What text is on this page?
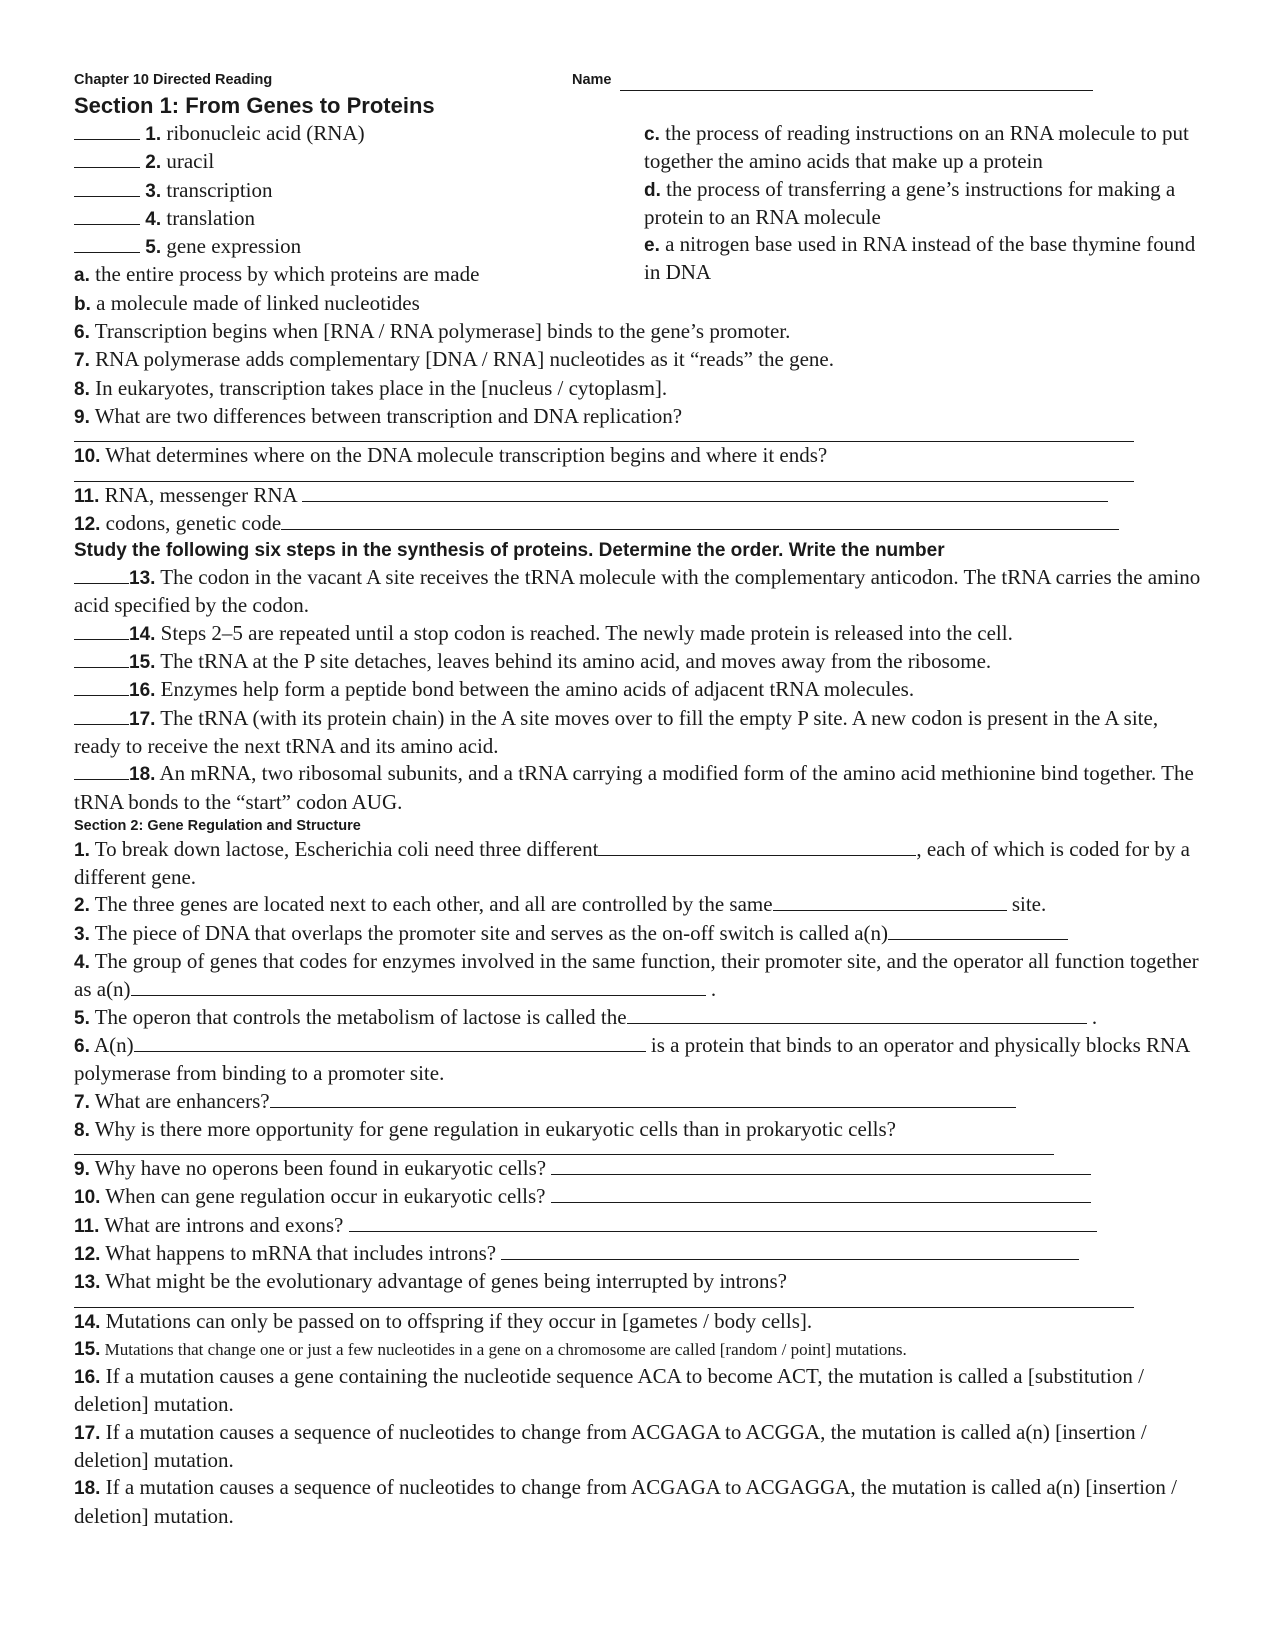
Chapter 10 Directed Reading	Name
Section 1: From Genes to Proteins
1. ribonucleic acid (RNA)
2. uracil
3. transcription
4. translation
5. gene expression
a. the entire process by which proteins are made
b. a molecule made of linked nucleotides
c. the process of reading instructions on an RNA molecule to put together the amino acids that make up a protein
d. the process of transferring a gene’s instructions for making a protein to an RNA molecule
e. a nitrogen base used in RNA instead of the base thymine found in DNA
6. Transcription begins when [RNA / RNA polymerase] binds to the gene’s promoter.
7. RNA polymerase adds complementary [DNA / RNA] nucleotides as it “reads” the gene.
8. In eukaryotes, transcription takes place in the [nucleus / cytoplasm].
9. What are two differences between transcription and DNA replication?
10. What determines where on the DNA molecule transcription begins and where it ends?
11. RNA, messenger RNA
12. codons, genetic code
Study the following six steps in the synthesis of proteins. Determine the order. Write the number
13. The codon in the vacant A site receives the tRNA molecule with the complementary anticodon. The tRNA carries the amino acid specified by the codon.
14. Steps 2–5 are repeated until a stop codon is reached. The newly made protein is released into the cell.
15. The tRNA at the P site detaches, leaves behind its amino acid, and moves away from the ribosome.
16. Enzymes help form a peptide bond between the amino acids of adjacent tRNA molecules.
17. The tRNA (with its protein chain) in the A site moves over to fill the empty P site. A new codon is present in the A site, ready to receive the next tRNA and its amino acid.
18. An mRNA, two ribosomal subunits, and a tRNA carrying a modified form of the amino acid methionine bind together. The tRNA bonds to the “start” codon AUG.
Section 2: Gene Regulation and Structure
1. To break down lactose, Escherichia coli need three different	, each of which is coded for by a different gene.
2. The three genes are located next to each other, and all are controlled by the same	site.
3. The piece of DNA that overlaps the promoter site and serves as the on-off switch is called a(n)
4. The group of genes that codes for enzymes involved in the same function, their promoter site, and the operator all function together as a(n)	.
5. The operon that controls the metabolism of lactose is called the	.
6. A(n)	is a protein that binds to an operator and physically blocks RNA polymerase from binding to a promoter site.
7. What are enhancers?
8. Why is there more opportunity for gene regulation in eukaryotic cells than in prokaryotic cells?
9. Why have no operons been found in eukaryotic cells?
10. When can gene regulation occur in eukaryotic cells?
11. What are introns and exons?
12. What happens to mRNA that includes introns?
13. What might be the evolutionary advantage of genes being interrupted by introns?
14. Mutations can only be passed on to offspring if they occur in [gametes / body cells].
15. Mutations that change one or just a few nucleotides in a gene on a chromosome are called [random / point] mutations.
16. If a mutation causes a gene containing the nucleotide sequence ACA to become ACT, the mutation is called a [substitution / deletion] mutation.
17. If a mutation causes a sequence of nucleotides to change from ACGAGA to ACGGA, the mutation is called a(n) [insertion / deletion] mutation.
18. If a mutation causes a sequence of nucleotides to change from ACGAGA to ACGAGGA, the mutation is called a(n) [insertion / deletion] mutation.
